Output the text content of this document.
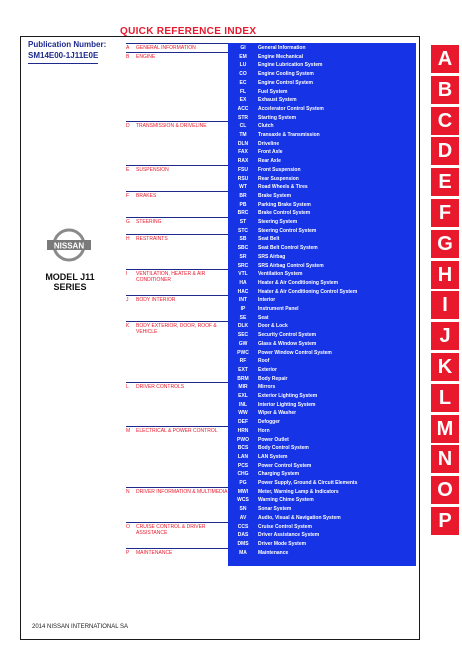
QUICK REFERENCE INDEX
Publication Number:
SM14E00-1J11E0E
NISSAN
MODEL J11
SERIES
A	GENERAL INFORMATION
B	ENGINE
D	TRANSMISSION & DRIVELINE
E	SUSPENSION
F	BRAKES
G	STEERING
H	RESTRAINTS
I	VENTILATION, HEATER & AIR CONDITIONER
J	BODY INTERIOR
K	BODY EXTERIOR, DOOR, ROOF & VEHICLE
L	DRIVER CONTROLS
M	ELECTRICAL & POWER CONTROL
N	DRIVER INFORMATION & MULTIMEDIA
O	CRUISE CONTROL & DRIVER ASSISTANCE
P	MAINTENANCE
GI	General Information
EM	Engine Mechanical
LU	Engine Lubrication System
CO	Engine Cooling System
EC	Engine Control System
FL	Fuel System
EX	Exhaust System
ACC	Accelerator Control System
STR	Starting System
CL	Clutch
TM	Transaxle & Transmission
DLN	Driveline
FAX	Front Axle
RAX	Rear Axle
FSU	Front Suspension
RSU	Rear Suspension
WT	Road Wheels & Tires
BR	Brake System
PB	Parking Brake System
BRC	Brake Control System
ST	Steering System
STC	Steering Control System
SB	Seat Belt
SBC	Seat Belt Control System
SR	SRS Airbag
SRC	SRS Airbag Control System
VTL	Ventilation System
HA	Heater & Air Conditioning System
HAC	Heater & Air Conditioning Control System
INT	Interior
IP	Instrument Panel
SE	Seat
DLK	Door & Lock
SEC	Security Control System
GW	Glass & Window System
PWC	Power Window Control System
RF	Roof
EXT	Exterior
BRM	Body Repair
MIR	Mirrors
EXL	Exterior Lighting System
INL	Interior Lighting System
WW	Wiper & Washer
DEF	Defogger
HRN	Horn
PWO	Power Outlet
BCS	Body Control System
LAN	LAN System
PCS	Power Control System
CHG	Charging System
PG	Power Supply, Ground & Circuit Elements
MWI	Meter, Warning Lamp & Indicators
WCS	Warning Chime System
SN	Sonar System
AV	Audio, Visual & Navigation System
CCS	Cruise Control System
DAS	Driver Assistance System
DMS	Driver Mode System
MA	Maintenance
A
B
C
D
E
F
G
H
I
J
K
L
M
N
O
P
2014 NISSAN INTERNATIONAL SA
